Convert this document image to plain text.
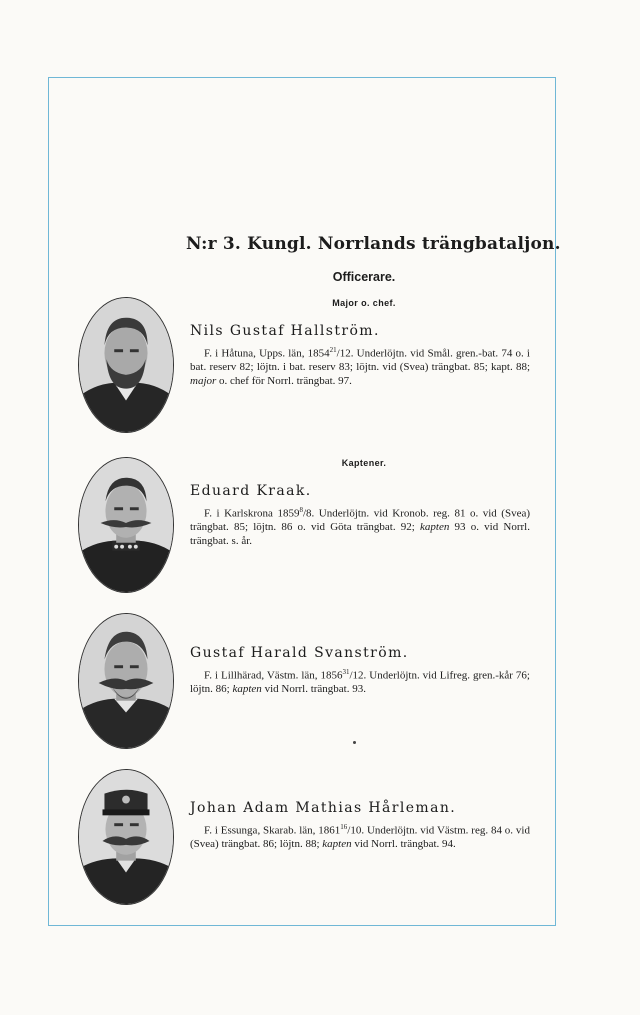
N:r 3. Kungl. Norrlands trängbataljon.
Officerare.
Major o. chef.
Kaptener.
Nils Gustaf Hallström.

F. i Håtuna, Upps. län, 1854$^{21}$/12. Underlöjtn. vid Smål. gren.-bat. 74 o. i bat. reserv 82; löjtn. i bat. reserv 83; löjtn. vid (Svea) trängbat. 85; kapt. 88; major o. chef för Norrl. trängbat. 97.

Eduard Kraak.

F. i Karlskrona 1859$^8$/8. Underlöjtn. vid Kronob. reg. 81 o. vid (Svea) trängbat. 85; löjtn. 86 o. vid Göta trängbat. 92; kapten 93 o. vid Norrl. trängbat. s. år.

Gustaf Harald Svanström.

F. i Lillhärad, Västm. län, 1856$^{31}$/12. Underlöjtn. vid Lifreg. gren.-kår 76; löjtn. 86; kapten vid Norrl. trängbat. 93.

Johan Adam Mathias Hårleman.

F. i Essunga, Skarab. län, 1861$^{16}$/10. Underlöjtn. vid Västm. reg. 84 o. vid (Svea) trängbat. 86; löjtn. 88; kapten vid Norrl. trängbat. 94.
